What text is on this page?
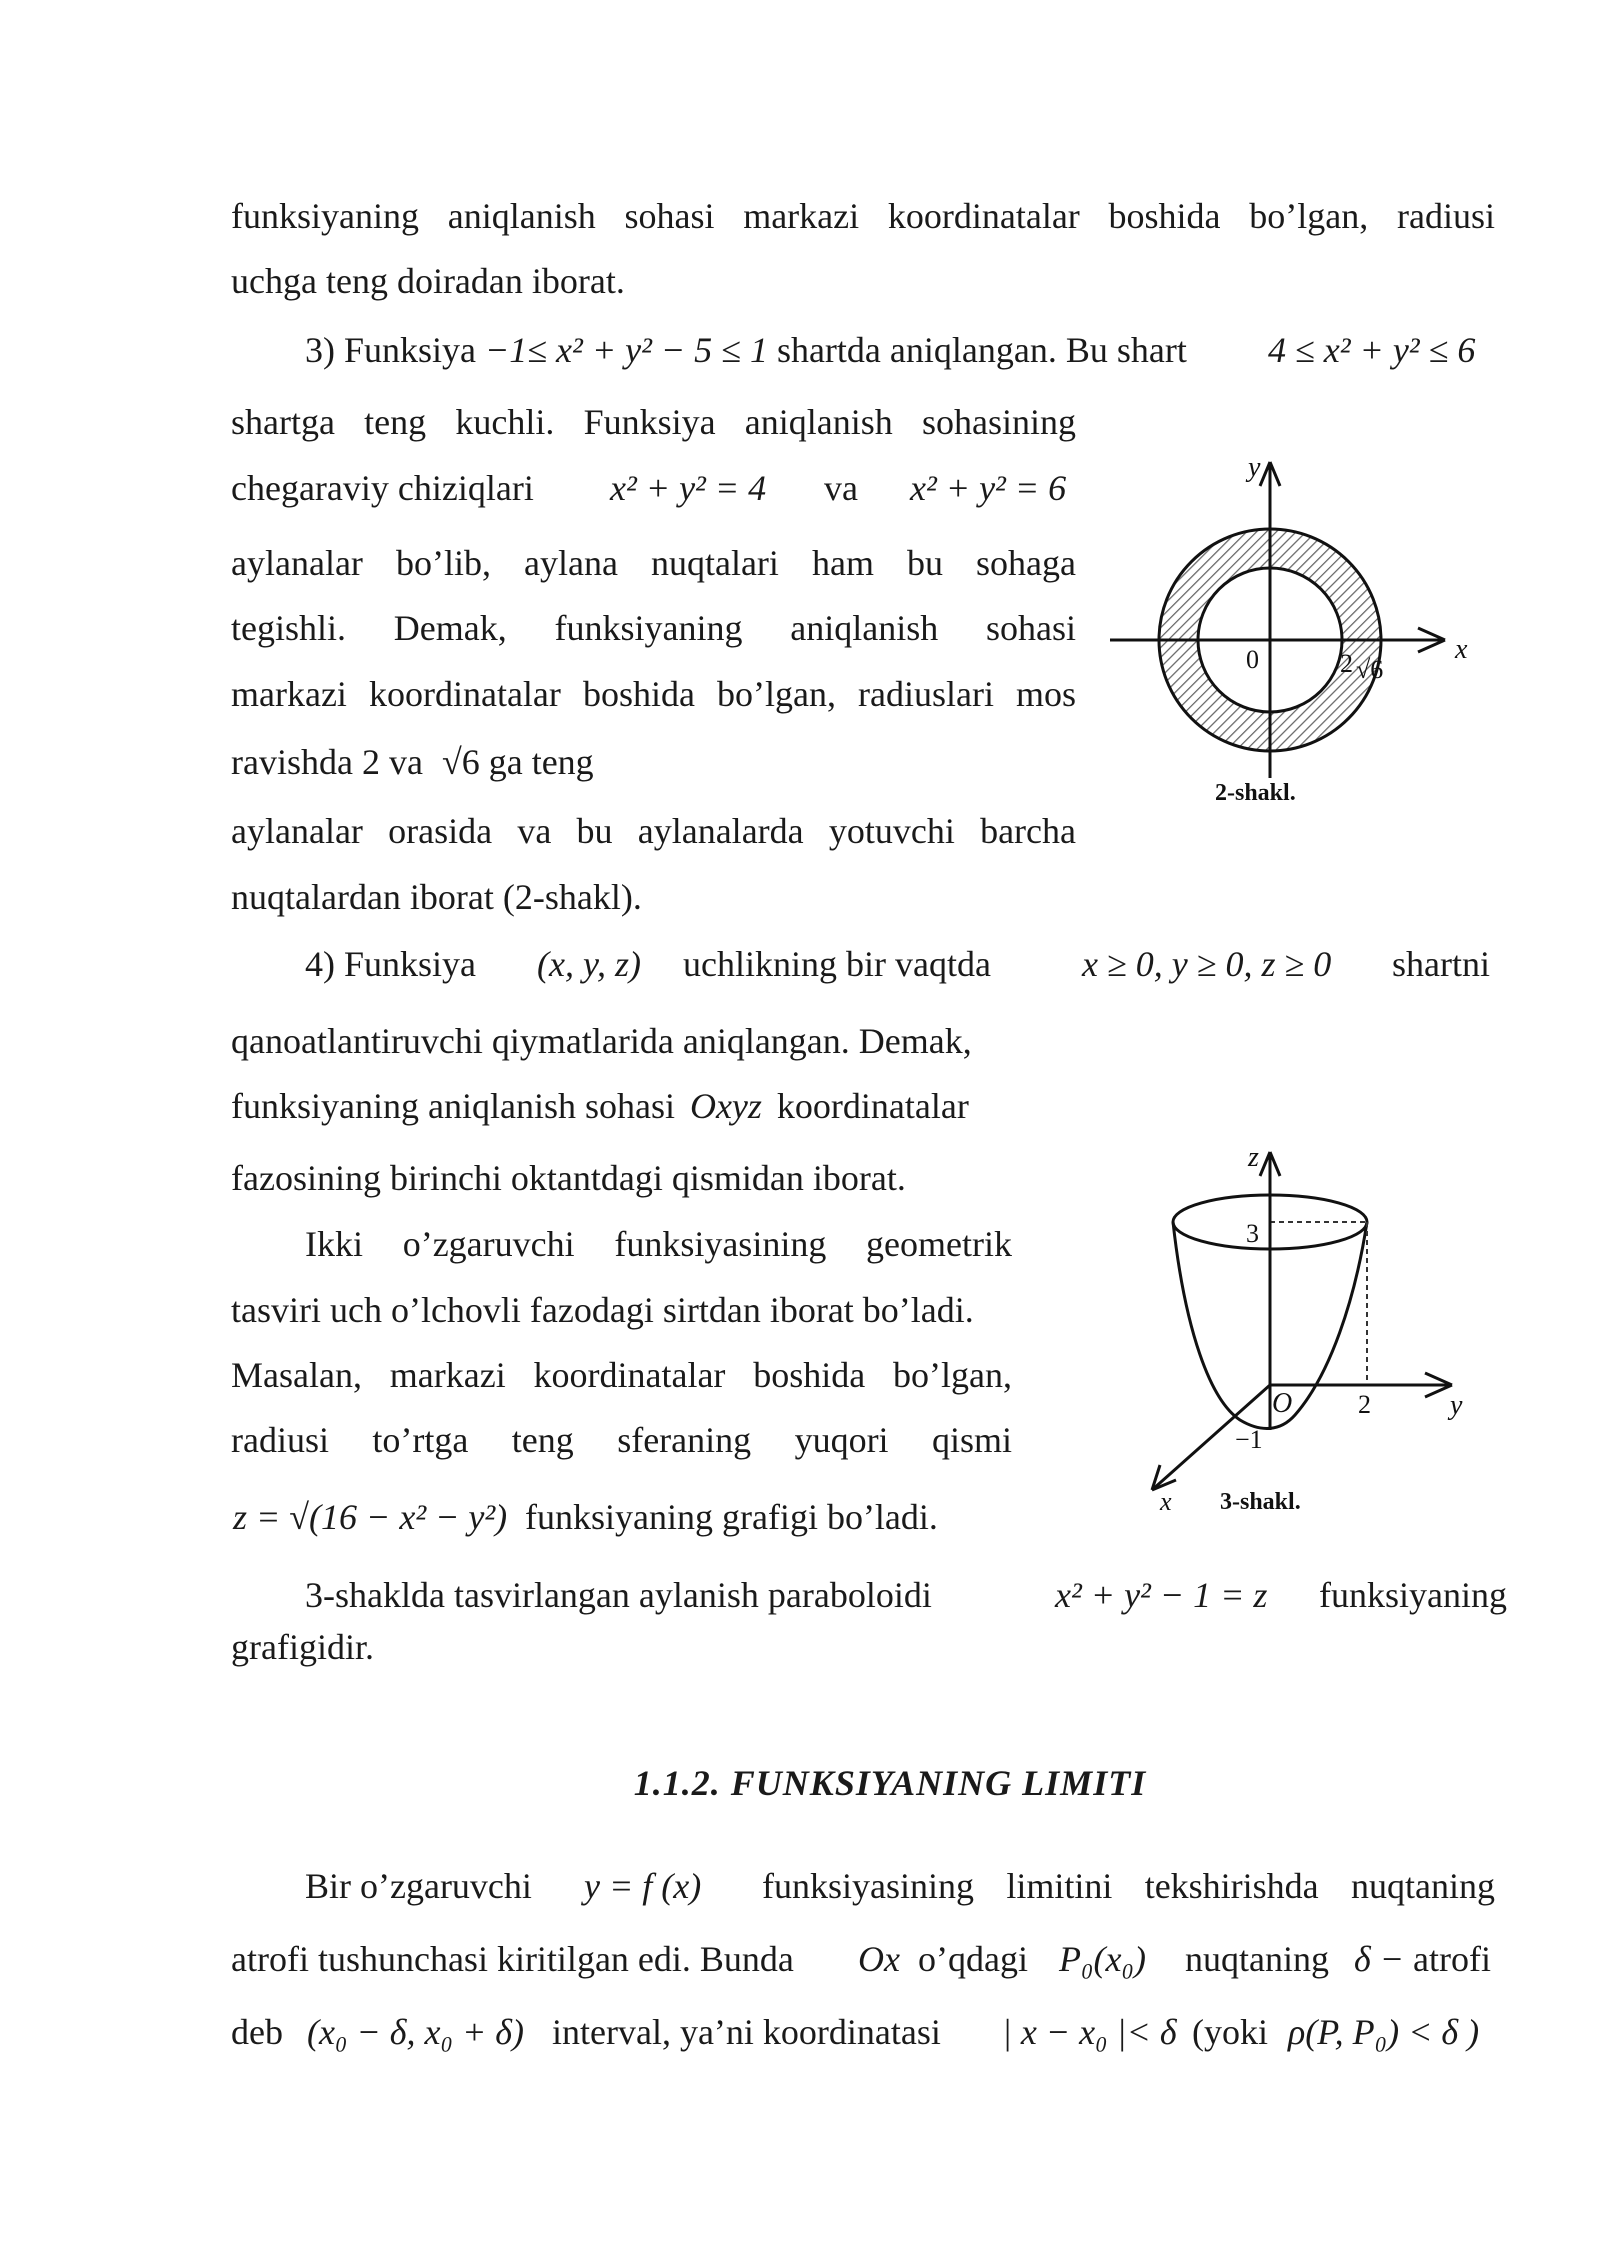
funksiyaning aniqlanish sohasi markazi koordinatalar boshida bo’lgan, radiusi
uchga teng doiradan iborat.
3) Funksiya −1≤ x² + y² − 5 ≤ 1 shartda aniqlangan. Bu shart 4 ≤ x² + y² ≤ 6
shartga teng kuchli. Funksiya aniqlanish sohasining
chegaraviy chiziqlari x² + y² = 4 va x² + y² = 6
aylanalar bo’lib, aylana nuqtalari ham bu sohaga
tegishli. Demak, funksiyaning aniqlanish sohasi
markazi koordinatalar boshida bo’lgan, radiuslari mos
ravishda 2 va √6 ga teng
aylanalar orasida va bu aylanalarda yotuvchi barcha
nuqtalardan iborat (2-shakl).
4) Funksiya (x, y, z) uchlikning bir vaqtda	x ≥ 0, y ≥ 0, z ≥ 0 shartni
qanoatlantiruvchi qiymatlarida aniqlangan. Demak,
funksiyaning aniqlanish sohasi Oxyz koordinatalar
fazosining birinchi oktantdagi qismidan iborat.
Ikki o’zgaruvchi funksiyasining geometrik
tasviri uch o’lchovli fazodagi sirtdan iborat bo’ladi.
Masalan, markazi koordinatalar boshida bo’lgan,
radiusi to’rtga teng sferaning yuqori qismi
z = √(16 − x² − y²) funksiyaning grafigi bo’ladi.
3-shakldа tasvirlangan aylanish paraboloidi	x² + y² − 1 = z funksiyaning
grafigidir.
1.1.2. FUNKSIYANING LIMITI
Bir o’zgaruvchi y = f (x) funksiyasining limitini tekshirishda nuqtaning
atrofi tushunchasi kiritilgan edi. Bunda Ox o’qdagi P₀(x₀) nuqtaning δ − atrofi
deb (x₀ − δ, x₀ + δ) interval, ya’ni koordinatasi | x − x₀ |< δ (yoki ρ(P, P₀) < δ )
y
x
0	2 √6
2-shakl.
z
3
O	2	y
−1
x 3-shakl.
